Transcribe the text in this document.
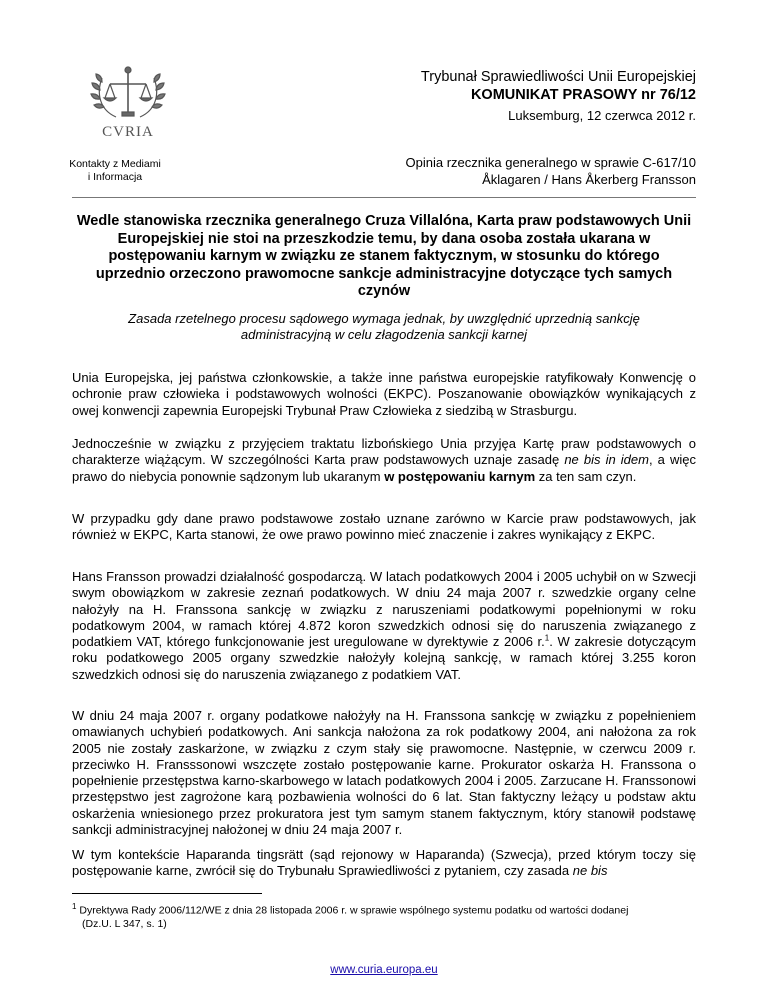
CVRIA
Kontakty z Mediami
i Informacja
Trybunał Sprawiedliwości Unii Europejskiej
KOMUNIKAT PRASOWY nr 76/12
Luksemburg, 12 czerwca 2012 r.
Opinia rzecznika generalnego w sprawie C-617/10
Åklagaren / Hans Åkerberg Fransson
Wedle stanowiska rzecznika generalnego Cruza Villalóna, Karta praw podstawowych Unii Europejskiej nie stoi na przeszkodzie temu, by dana osoba została ukarana w postępowaniu karnym w związku ze stanem faktycznym, w stosunku do którego uprzednio orzeczono prawomocne sankcje administracyjne dotyczące tych samych czynów
Zasada rzetelnego procesu sądowego wymaga jednak, by uwzględnić uprzednią sankcję administracyjną w celu złagodzenia sankcji karnej

Unia Europejska, jej państwa członkowskie, a także inne państwa europejskie ratyfikowały Konwencję o ochronie praw człowieka i podstawowych wolności (EKPC). Poszanowanie obowiązków wynikających z owej konwencji zapewnia Europejski Trybunał Praw Człowieka z siedzibą w Strasburgu.

Jednocześnie w związku z przyjęciem traktatu lizbońskiego Unia przyjęa Kartę praw podstawowych o charakterze wiążącym. W szczególności Karta praw podstawowych uznaje zasadę ne bis in idem, a więc prawo do niebycia ponownie sądzonym lub ukaranym w postępowaniu karnym za ten sam czyn.

W przypadku gdy dane prawo podstawowe zostało uznane zarówno w Karcie praw podstawowych, jak również w EKPC, Karta stanowi, że owe prawo powinno mieć znaczenie i zakres wynikający z EKPC.

Hans Fransson prowadzi działalność gospodarczą. W latach podatkowych 2004 i 2005 uchybił on w Szwecji swym obowiązkom w zakresie zeznań podatkowych. W dniu 24 maja 2007 r. szwedzkie organy celne nałożyły na H. Franssona sankcję w związku z naruszeniami podatkowymi popełnionymi w roku podatkowym 2004, w ramach której 4.872 koron szwedzkich odnosi się do naruszenia związanego z podatkiem VAT, którego funkcjonowanie jest uregulowane w dyrektywie z 2006 r.$^1$. W zakresie dotyczącym roku podatkowego 2005 organy szwedzkie nałożyły kolejną sankcję, w ramach której 3.255 koron szwedzkich odnosi się do naruszenia związanego z podatkiem VAT.

W dniu 24 maja 2007 r. organy podatkowe nałożyły na H. Franssona sankcję w związku z popełnieniem omawianych uchybień podatkowych. Ani sankcja nałożona za rok podatkowy 2004, ani nałożona za rok 2005 nie zostały zaskarżone, w związku z czym stały się prawomocne. Następnie, w czerwcu 2009 r. przeciwko H. Fransssonowi wszczęte zostało postępowanie karne. Prokurator oskarża H. Franssona o popełnienie przestępstwa karno-skarbowego w latach podatkowych 2004 i 2005. Zarzucane H. Franssonowi przestępstwo jest zagrożone karą pozbawienia wolności do 6 lat. Stan faktyczny leżący u podstaw aktu oskarżenia wniesionego przez prokuratora jest tym samym stanem faktycznym, który stanowił podstawę sankcji administracyjnej nałożonej w dniu 24 maja 2007 r.

W tym kontekście Haparanda tingsrätt (sąd rejonowy w Haparanda) (Szwecja), przed którym toczy się postępowanie karne, zwrócił się do Trybunału Sprawiedliwości z pytaniem, czy zasada ne bis

$^1$ Dyrektywa Rady 2006/112/WE z dnia 28 listopada 2006 r. w sprawie wspólnego systemu podatku od wartości dodanej
(Dz.U. L 347, s. 1)

www.curia.europa.eu
